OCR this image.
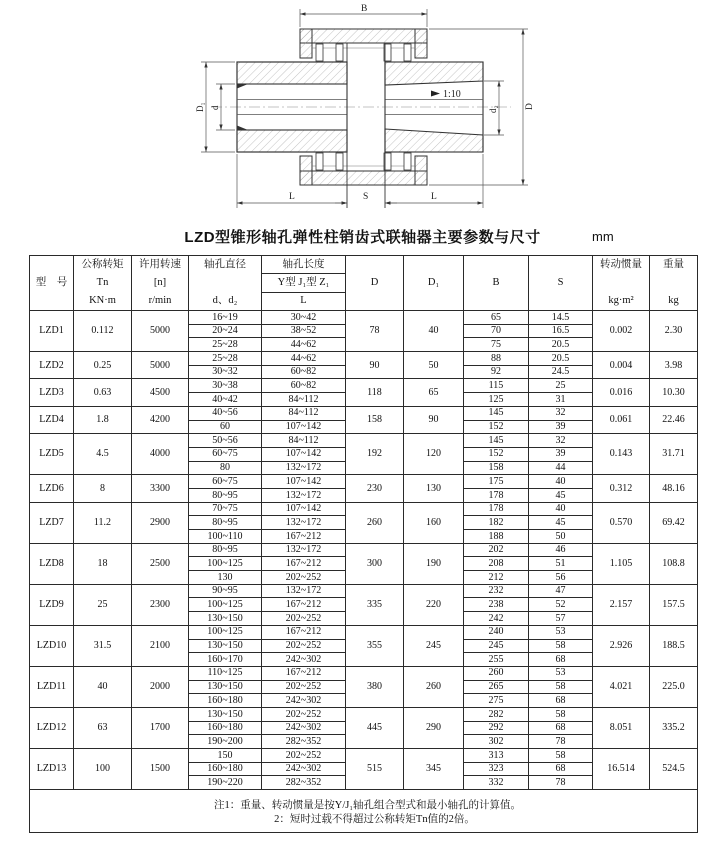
1:10
B
D
d₂
D₁ d
L	S	L
LZD型锥形轴孔弹性柱销齿式联轴器主要参数与尺寸	mm
型　号

公称转矩
Tn
KN·m

许用转速
[n]
r/min

轴孔直径
d、d₂

轴孔长度
Y型 J₁型 Z₁
L

D	D₁	B	S

转动惯量
kg·m²

重量
kg

LZD1	0.112	5000	16~19	30~42	78	40	65	14.5	0.002	2.30
			20~24	38~52			70	16.5		
			25~28	44~62			75	20.5		
LZD2	0.25	5000	25~28	44~62	90	50	88	20.5	0.004	3.98
			30~32	60~82			92	24.5		
LZD3	0.63	4500	30~38	60~82	118	65	115	25	0.016	10.30
			40~42	84~112			125	31		
LZD4	1.8	4200	40~56	84~112	158	90	145	32	0.061	22.46
			60	107~142			152	39		
LZD5	4.5	4000	50~56	84~112	192	120	145	32	0.143	31.71
			60~75	107~142			152	39		
			80	132~172			158	44		
LZD6	8	3300	60~75	107~142	230	130	175	40	0.312	48.16
			80~95	132~172			178	45		
LZD7	11.2	2900	70~75	107~142	260	160	178	40	0.570	69.42
			80~95	132~172			182	45		
			100~110	167~212			188	50		
LZD8	18	2500	80~95	132~172	300	190	202	46	1.105	108.8
			100~125	167~212			208	51		
			130	202~252			212	56		
LZD9	25	2300	90~95	132~172	335	220	232	47	2.157	157.5
			100~125	167~212			238	52		
			130~150	202~252			242	57		
LZD10	31.5	2100	100~125	167~212	355	245	240	53	2.926	188.5
			130~150	202~252			245	58		
			160~170	242~302			255	68		
LZD11	40	2000	110~125	167~212	380	260	260	53	4.021	225.0
			130~150	202~252			265	58		
			160~180	242~302			275	68		
LZD12	63	1700	130~150	202~252	445	290	282	58	8.051	335.2
			160~180	242~302			292	68		
			190~200	282~352			302	78		
LZD13	100	1500	150	202~252	515	345	313	58	16.514	524.5
			160~180	242~302			323	68		
			190~220	282~352			332	78		

注1：重量、转动惯量是按Y/J₁轴孔组合型式和最小轴孔的计算值。
2：短时过载不得超过公称转矩Tn值的2倍。										
